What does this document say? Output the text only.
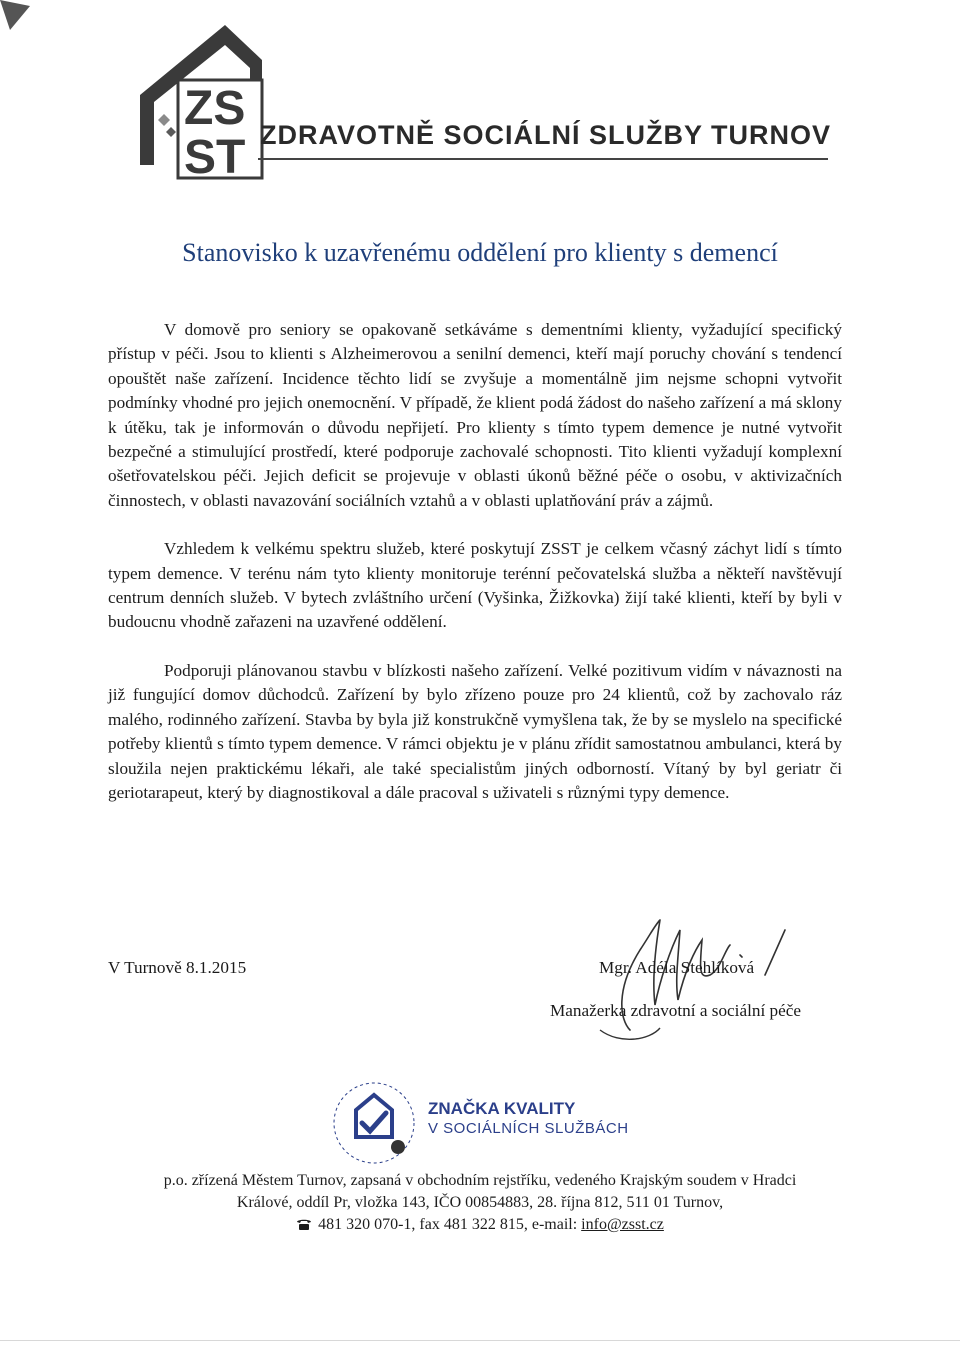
ZS
ST ZDRAVOTNĚ SOCIÁLNÍ SLUŽBY TURNOV
Stanovisko k uzavřenému oddělení pro klienty s demencí

V domově pro seniory se opakovaně setkáváme s dementními klienty, vyžadující specifický přístup v péči. Jsou to klienti s Alzheimerovou a senilní demenci, kteří mají poruchy chování s tendencí opouštět naše zařízení. Incidence těchto lidí se zvyšuje a momentálně jim nejsme schopni vytvořit podmínky vhodné pro jejich onemocnění. V případě, že klient podá žádost do našeho zařízení a má sklony k útěku, tak je informován o důvodu nepřijetí. Pro klienty s tímto typem demence je nutné vytvořit bezpečné a stimulující prostředí, které podporuje zachovalé schopnosti. Tito klienti vyžadují komplexní ošetřovatelskou péči. Jejich deficit se projevuje v oblasti úkonů běžné péče o osobu, v aktivizačních činnostech, v oblasti navazování sociálních vztahů a v oblasti uplatňování práv a zájmů.

Vzhledem k velkému spektru služeb, které poskytují ZSST je celkem včasný záchyt lidí s tímto typem demence. V terénu nám tyto klienty monitoruje terénní pečovatelská služba a někteří navštěvují centrum denních služeb. V bytech zvláštního určení (Vyšinka, Žižkovka) žijí také klienti, kteří by byli v budoucnu vhodně zařazeni na uzavřené oddělení.

Podporuji plánovanou stavbu v blízkosti našeho zařízení. Velké pozitivum vidím v návaznosti na již fungující domov důchodců. Zařízení by bylo zřízeno pouze pro 24 klientů, což by zachovalo ráz malého, rodinného zařízení. Stavba by byla již konstrukčně vymyšlena tak, že by se myslelo na specifické potřeby klientů s tímto typem demence. V rámci objektu je v plánu zřídit samostatnou ambulanci, která by sloužila nejen praktickému lékaři, ale také specialistům jiných odborností. Vítaný by byl geriatr či geriotarapeut, který by diagnostikoval a dále pracoval s uživateli s různými typy demence.

V Turnově 8.1.2015	Mgr. Adéla Stehlíková
Manažerka zdravotní a sociální péče
ZNAČKA KVALITY
V SOCIÁLNÍCH SLUŽBÁCH
p.o. zřízená Městem Turnov, zapsaná v obchodním rejstříku, vedeného Krajským soudem v Hradci
Králové, oddíl Pr, vložka 143, IČO 00854883, 28. října 812, 511 01 Turnov,
481 320 070-1, fax 481 322 815, e-mail: info@zsst.cz
